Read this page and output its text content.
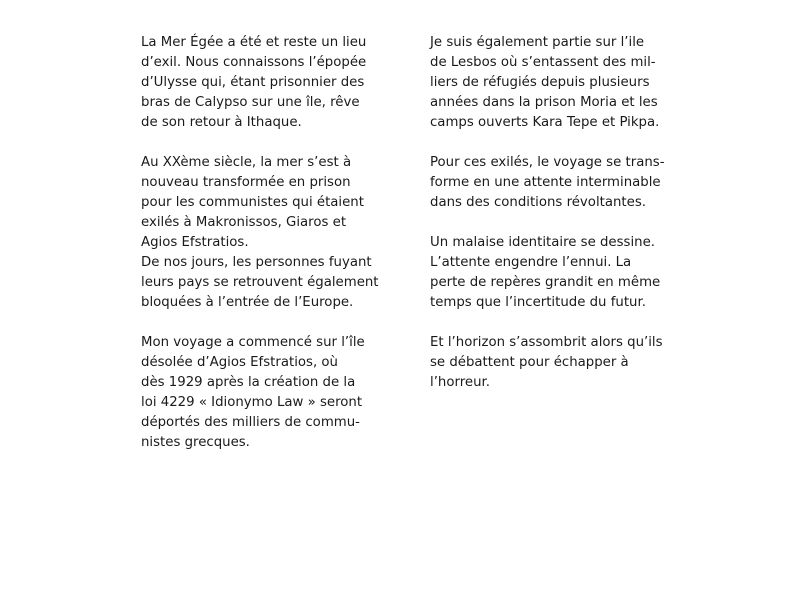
La Mer Égée a été et reste un lieu
d’exil. Nous connaissons l’épopée
d’Ulysse qui, étant prisonnier des
bras de Calypso sur une île, rêve
de son retour à Ithaque.

Au XXème siècle, la mer s’est à
nouveau transformée en prison
pour les communistes qui étaient
exilés à Makronissos, Giaros et
Agios Efstratios.
De nos jours, les personnes fuyant
leurs pays se retrouvent également
bloquées à l’entrée de l’Europe.

Mon voyage a commencé sur l’île
désolée d’Agios Efstratios, où
dès 1929 après la création de la
loi 4229 « Idionymo Law » seront
déportés des milliers de commu-
nistes grecques.

Je suis également partie sur l’ile
de Lesbos où s’entassent des mil-
liers de réfugiés depuis plusieurs
années dans la prison Moria et les
camps ouverts Kara Tepe et Pikpa.

Pour ces exilés, le voyage se trans-
forme en une attente interminable
dans des conditions révoltantes.

Un malaise identitaire se dessine.
L’attente engendre l’ennui. La
perte de repères grandit en même
temps que l’incertitude du futur.

Et l’horizon s’assombrit alors qu’ils
se débattent pour échapper à
l’horreur.
